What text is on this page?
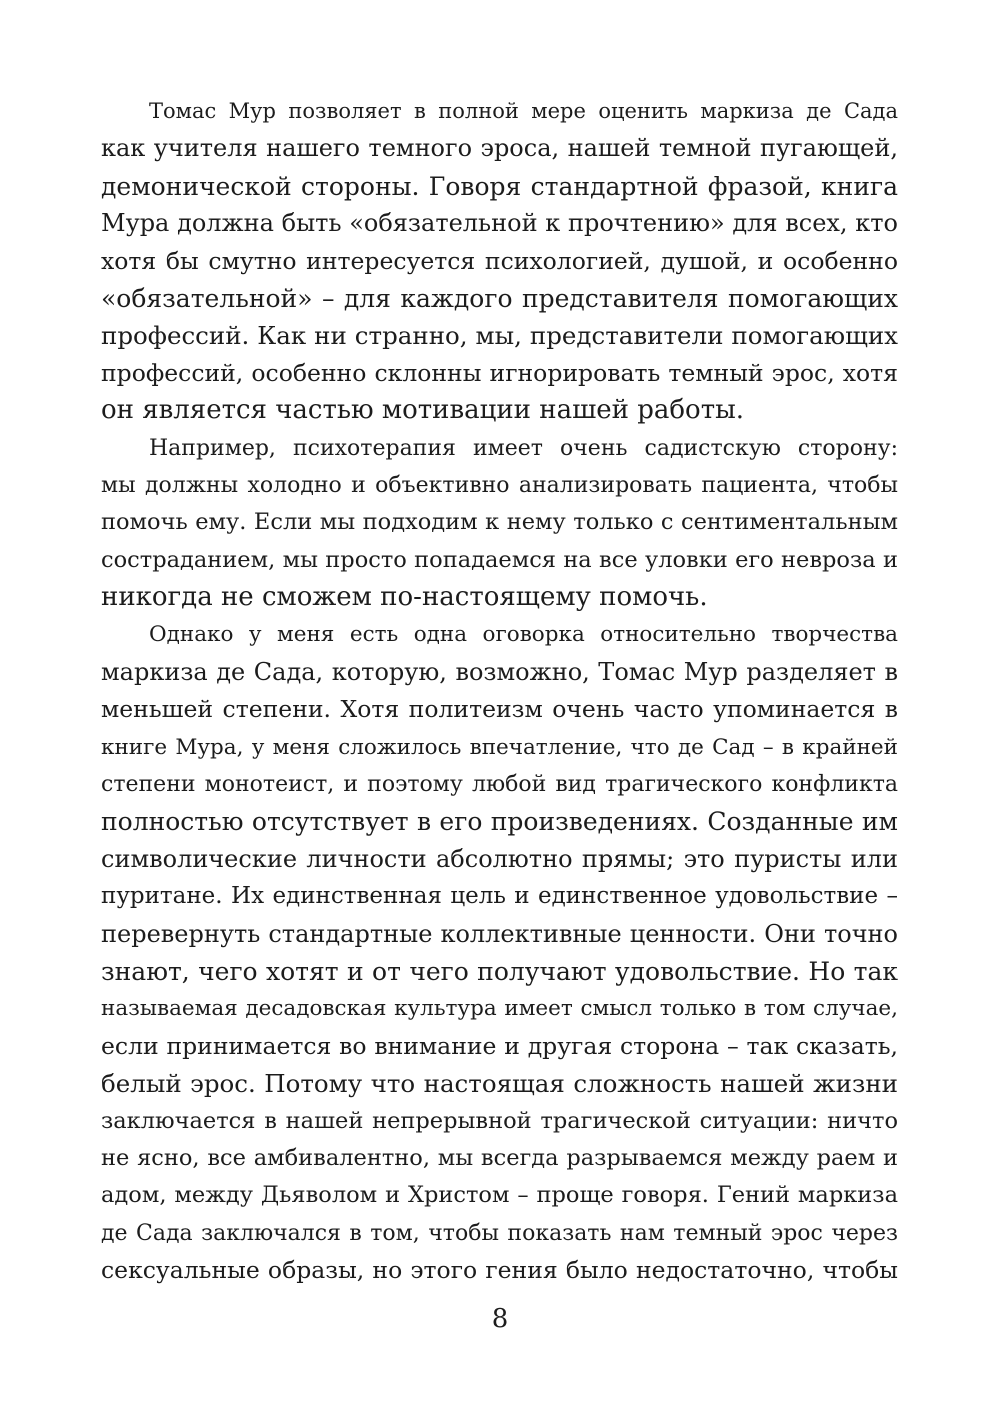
Томас Мур позволяет в полной мере оценить маркиза де Сада
как учителя нашего темного эроса, нашей темной пугающей,
демонической стороны. Говоря стандартной фразой, книга
Мура должна быть «обязательной к прочтению» для всех, кто
хотя бы смутно интересуется психологией, душой, и особенно
«обязательной» – для каждого представителя помогающих
профессий. Как ни странно, мы, представители помогающих
профессий, особенно склонны игнорировать темный эрос, хотя
он является частью мотивации нашей работы.
Например, психотерапия имеет очень садистскую сторону:
мы должны холодно и объективно анализировать пациента, чтобы
помочь ему. Если мы подходим к нему только с сентиментальным
состраданием, мы просто попадаемся на все уловки его невроза и
никогда не сможем по-настоящему помочь.
Однако у меня есть одна оговорка относительно творчества
маркиза де Сада, которую, возможно, Томас Мур разделяет в
меньшей степени. Хотя политеизм очень часто упоминается в
книге Мура, у меня сложилось впечатление, что де Сад – в крайней
степени монотеист, и поэтому любой вид трагического конфликта
полностью отсутствует в его произведениях. Созданные им
символические личности абсолютно прямы; это пуристы или
пуритане. Их единственная цель и единственное удовольствие –
перевернуть стандартные коллективные ценности. Они точно
знают, чего хотят и от чего получают удовольствие. Но так
называемая десадовская культура имеет смысл только в том случае,
если принимается во внимание и другая сторона – так сказать,
белый эрос. Потому что настоящая сложность нашей жизни
заключается в нашей непрерывной трагической ситуации: ничто
не ясно, все амбивалентно, мы всегда разрываемся между раем и
адом, между Дьяволом и Христом – проще говоря. Гений маркиза
де Сада заключался в том, чтобы показать нам темный эрос через
сексуальные образы, но этого гения было недостаточно, чтобы
8
